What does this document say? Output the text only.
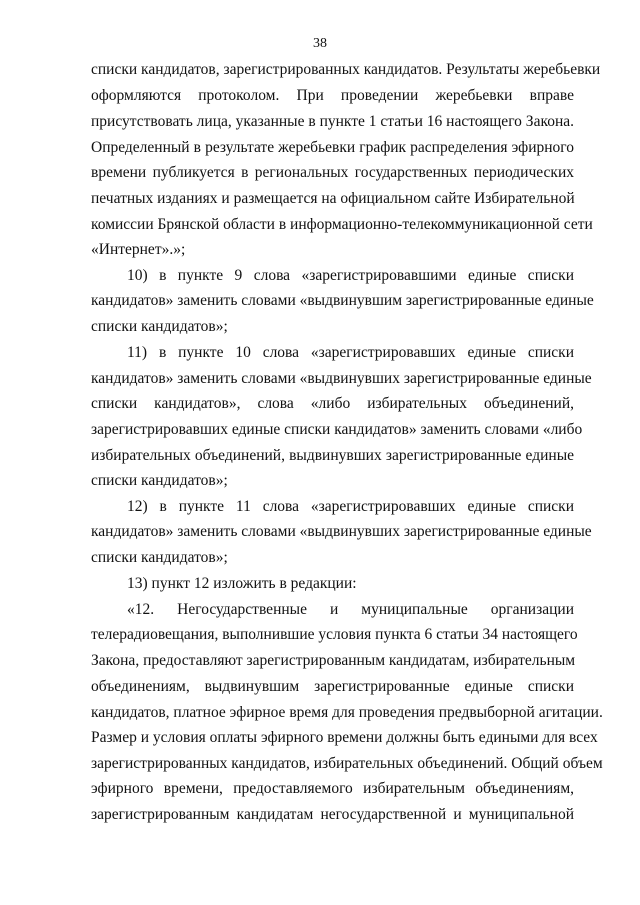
38
списки кандидатов, зарегистрированных кандидатов. Результаты жеребьевки
оформляются протоколом. При проведении жеребьевки вправе
присутствовать лица, указанные в пункте 1 статьи 16 настоящего Закона.
Определенный в результате жеребьевки график распределения эфирного
времени публикуется в региональных государственных периодических
печатных изданиях и размещается на официальном сайте Избирательной
комиссии Брянской области в информационно-телекоммуникационной сети
«Интернет».»;
10) в пункте 9 слова «зарегистрировавшими единые списки
кандидатов» заменить словами «выдвинувшим зарегистрированные единые
списки кандидатов»;
11) в пункте 10 слова «зарегистрировавших единые списки
кандидатов» заменить словами «выдвинувших зарегистрированные единые
списки кандидатов», слова «либо избирательных объединений,
зарегистрировавших единые списки кандидатов» заменить словами «либо
избирательных объединений, выдвинувших зарегистрированные единые
списки кандидатов»;
12) в пункте 11 слова «зарегистрировавших единые списки
кандидатов» заменить словами «выдвинувших зарегистрированные единые
списки кандидатов»;
13) пункт 12 изложить в редакции:
«12. Негосударственные и муниципальные организации
телерадиовещания, выполнившие условия пункта 6 статьи 34 настоящего
Закона, предоставляют зарегистрированным кандидатам, избирательным
объединениям, выдвинувшим зарегистрированные единые списки
кандидатов, платное эфирное время для проведения предвыборной агитации.
Размер и условия оплаты эфирного времени должны быть едиными для всех
зарегистрированных кандидатов, избирательных объединений. Общий объем
эфирного времени, предоставляемого избирательным объединениям,
зарегистрированным кандидатам негосударственной и муниципальной
